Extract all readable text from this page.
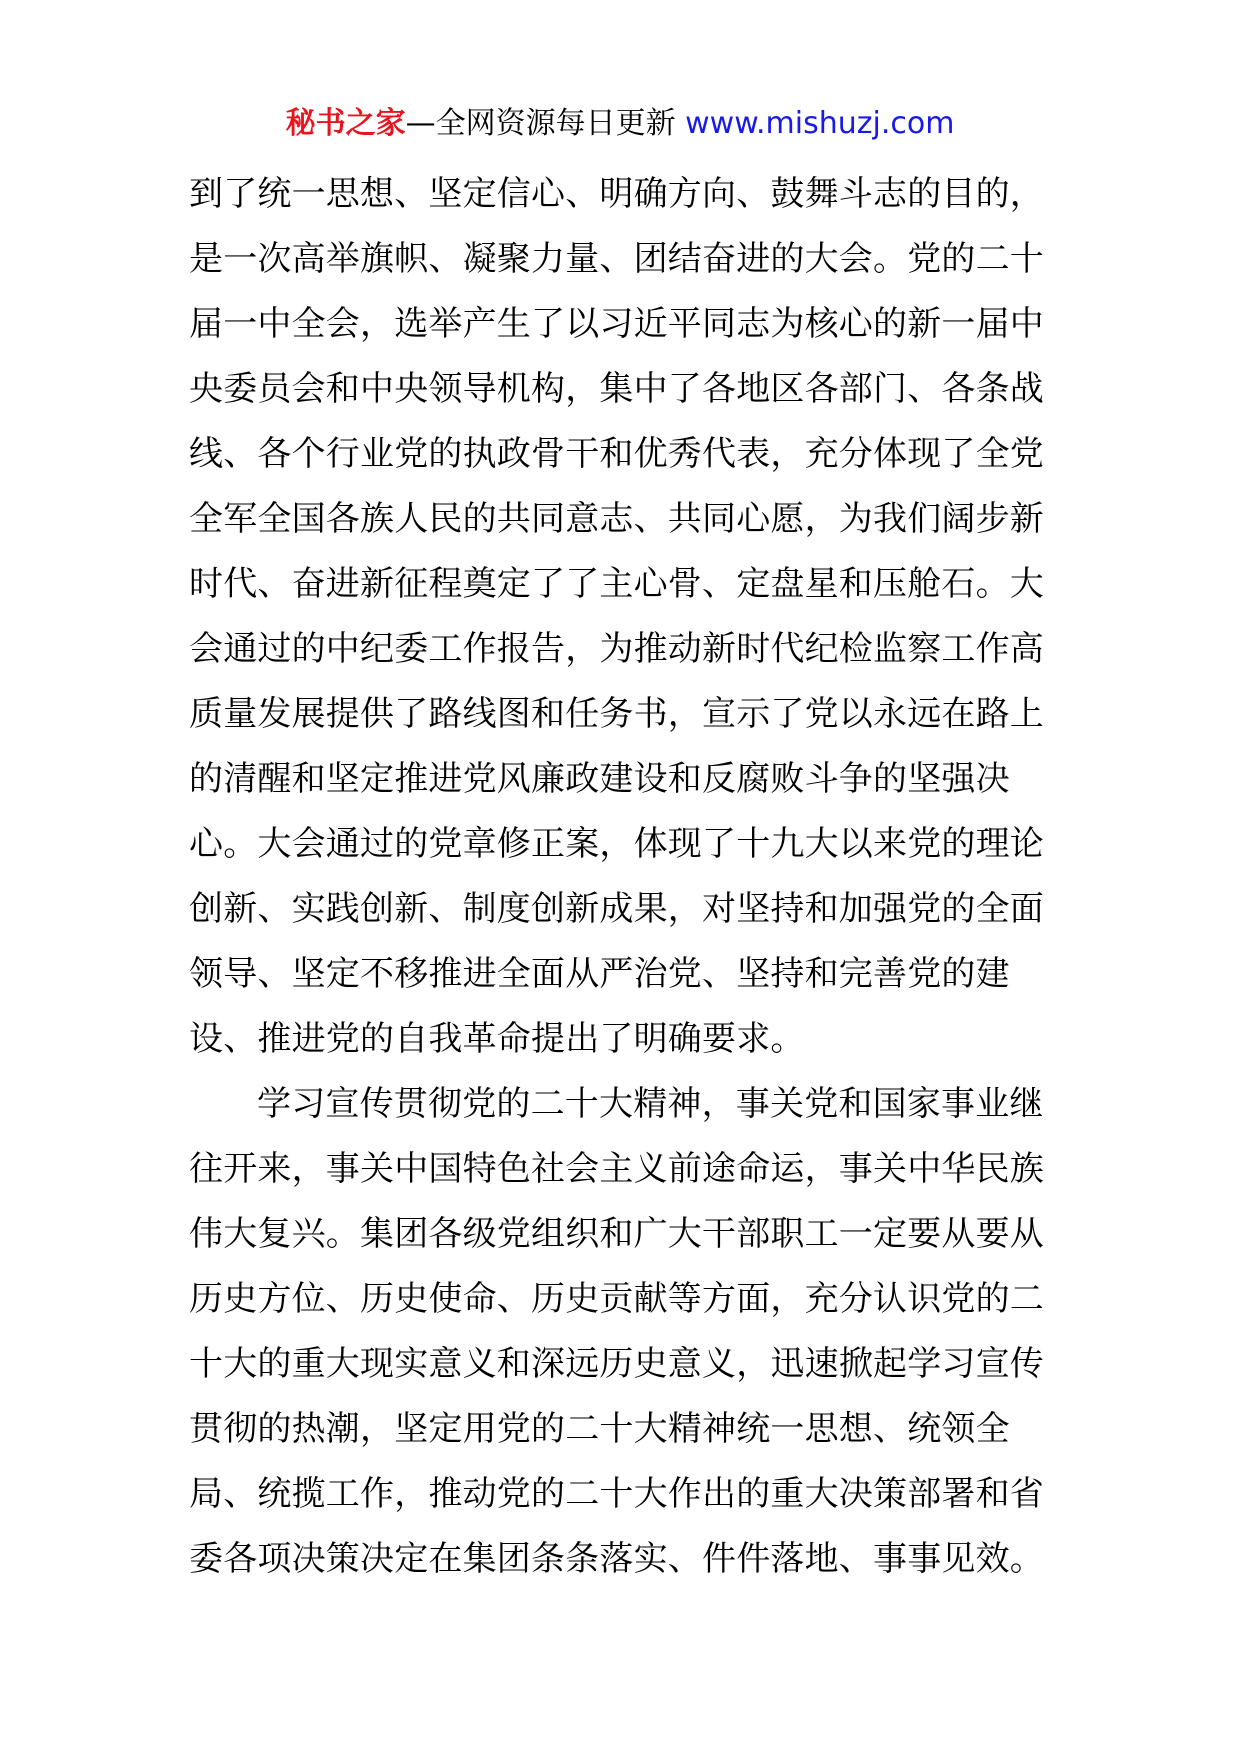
秘书之家—全网资源每日更新 www.mishuzj.com
到了统一思想、坚定信心、明确方向、鼓舞斗志的目的，
是一次高举旗帜、凝聚力量、团结奋进的大会。党的二十
届一中全会，选举产生了以习近平同志为核心的新一届中
央委员会和中央领导机构，集中了各地区各部门、各条战
线、各个行业党的执政骨干和优秀代表，充分体现了全党
全军全国各族人民的共同意志、共同心愿，为我们阔步新
时代、奋进新征程奠定了了主心骨、定盘星和压舱石。大
会通过的中纪委工作报告，为推动新时代纪检监察工作高
质量发展提供了路线图和任务书，宣示了党以永远在路上
的清醒和坚定推进党风廉政建设和反腐败斗争的坚强决
心。大会通过的党章修正案，体现了十九大以来党的理论
创新、实践创新、制度创新成果，对坚持和加强党的全面
领导、坚定不移推进全面从严治党、坚持和完善党的建
设、推进党的自我革命提出了明确要求。
学习宣传贯彻党的二十大精神，事关党和国家事业继
往开来，事关中国特色社会主义前途命运，事关中华民族
伟大复兴。集团各级党组织和广大干部职工一定要从要从
历史方位、历史使命、历史贡献等方面，充分认识党的二
十大的重大现实意义和深远历史意义，迅速掀起学习宣传
贯彻的热潮，坚定用党的二十大精神统一思想、统领全
局、统揽工作，推动党的二十大作出的重大决策部署和省
委各项决策决定在集团条条落实、件件落地、事事见效。
